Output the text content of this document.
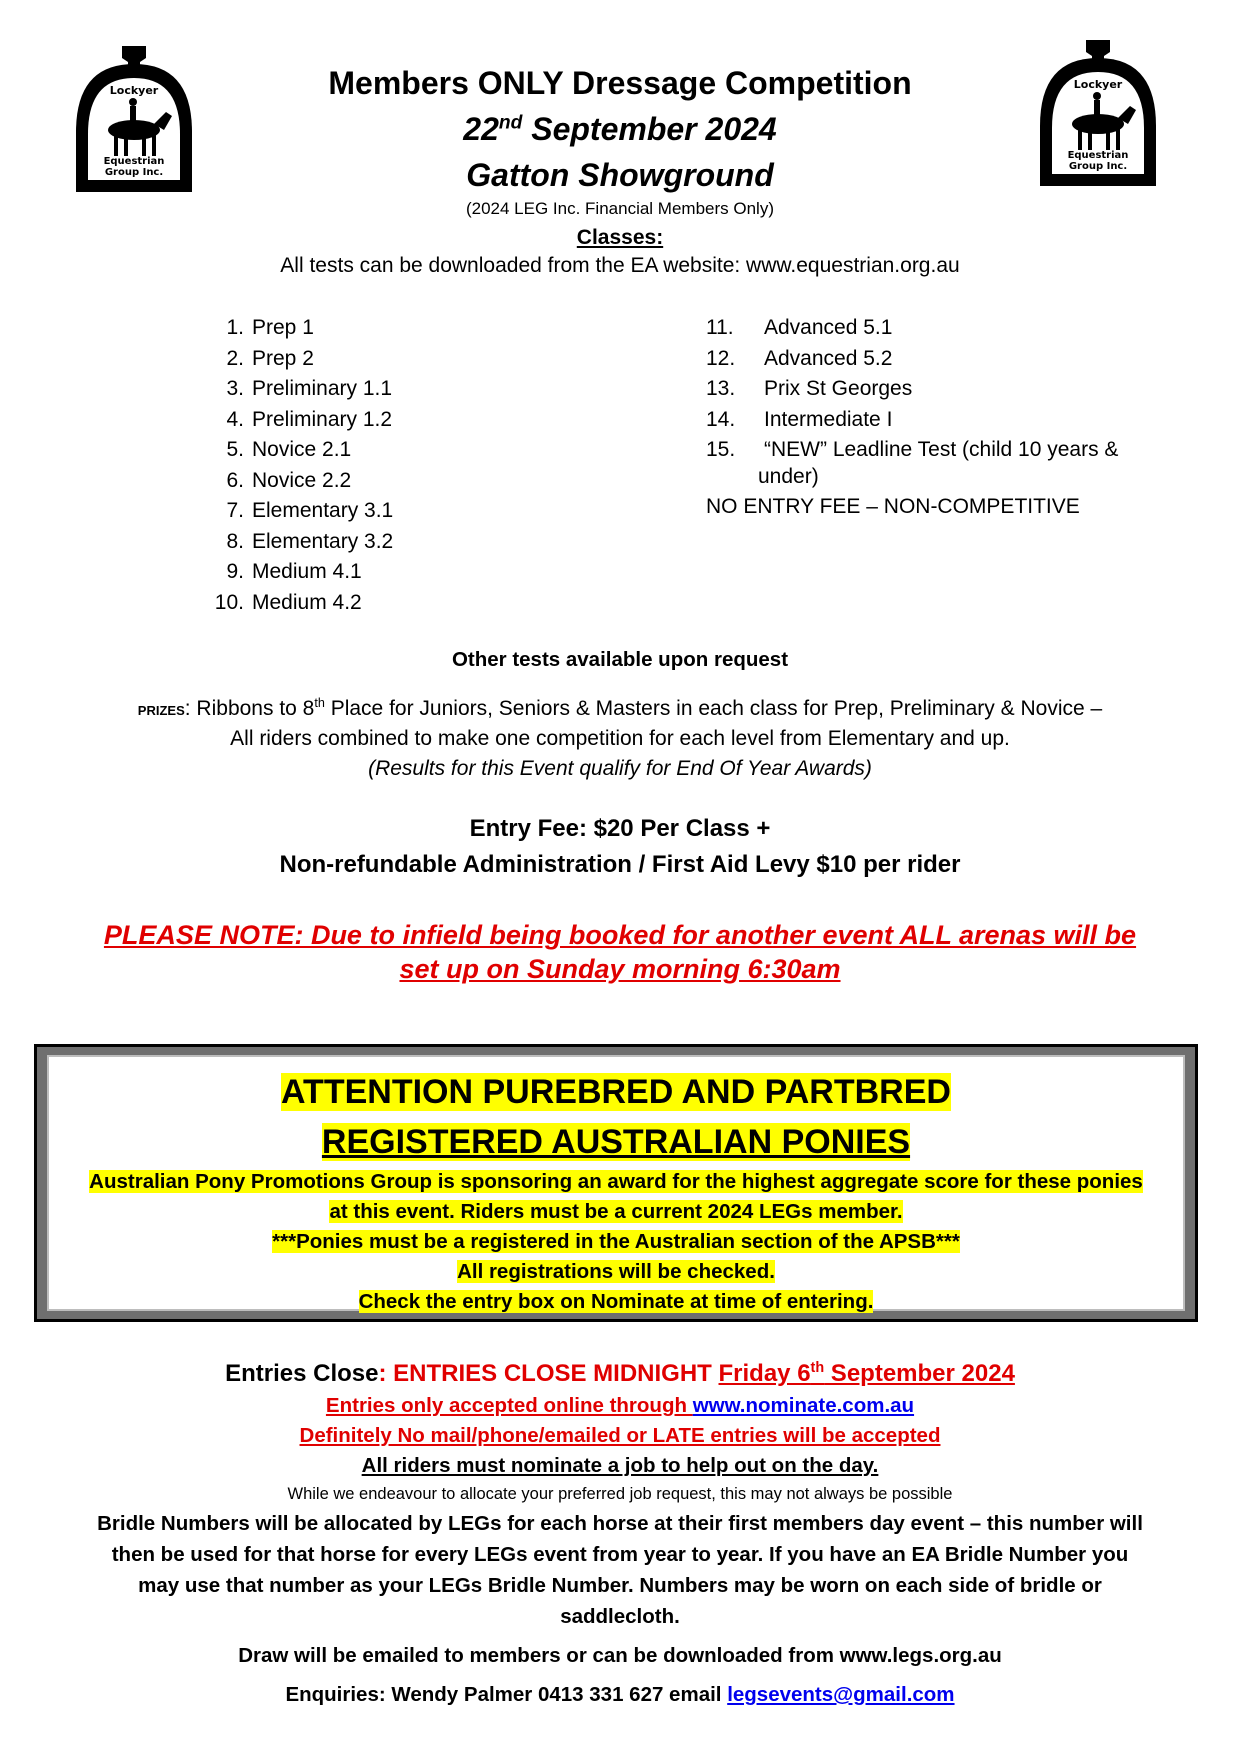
Lockyer
Equestrian
Group Inc.
Lockyer
Equestrian
Group Inc.
Members ONLY Dressage Competition
22nd September 2024
Gatton Showground
(2024 LEG Inc. Financial Members Only)
Classes:
All tests can be downloaded from the EA website: www.equestrian.org.au
1. Prep 1
2. Prep 2
3. Preliminary 1.1
4. Preliminary 1.2
5. Novice 2.1
6. Novice 2.2
7. Elementary 3.1
8. Elementary 3.2
9. Medium 4.1
10. Medium 4.2
11.	Advanced 5.1
12.	Advanced 5.2
13.	Prix St Georges
14.	Intermediate I
15.	“NEW” Leadline Test (child 10 years &
under)
NO ENTRY FEE – NON-COMPETITIVE
Other tests available upon request
PRIZES: Ribbons to 8th Place for Juniors, Seniors & Masters in each class for Prep, Preliminary & Novice –
All riders combined to make one competition for each level from Elementary and up.
(Results for this Event qualify for End Of Year Awards)
Entry Fee: $20 Per Class +
Non-refundable Administration / First Aid Levy $10 per rider
PLEASE NOTE: Due to infield being booked for another event ALL arenas will be
set up on Sunday morning 6:30am
ATTENTION PUREBRED AND PARTBRED
REGISTERED AUSTRALIAN PONIES
Australian Pony Promotions Group is sponsoring an award for the highest aggregate score for these ponies
at this event. Riders must be a current 2024 LEGs member.
***Ponies must be a registered in the Australian section of the APSB***
All registrations will be checked.
Check the entry box on Nominate at time of entering.
Entries Close: ENTRIES CLOSE MIDNIGHT Friday 6th September 2024
Entries only accepted online through www.nominate.com.au
Definitely No mail/phone/emailed or LATE entries will be accepted
All riders must nominate a job to help out on the day.
While we endeavour to allocate your preferred job request, this may not always be possible
Bridle Numbers will be allocated by LEGs for each horse at their first members day event – this number will
then be used for that horse for every LEGs event from year to year. If you have an EA Bridle Number you
may use that number as your LEGs Bridle Number. Numbers may be worn on each side of bridle or
saddlecloth.
Draw will be emailed to members or can be downloaded from www.legs.org.au
Enquiries: Wendy Palmer 0413 331 627 email legsevents@gmail.com
